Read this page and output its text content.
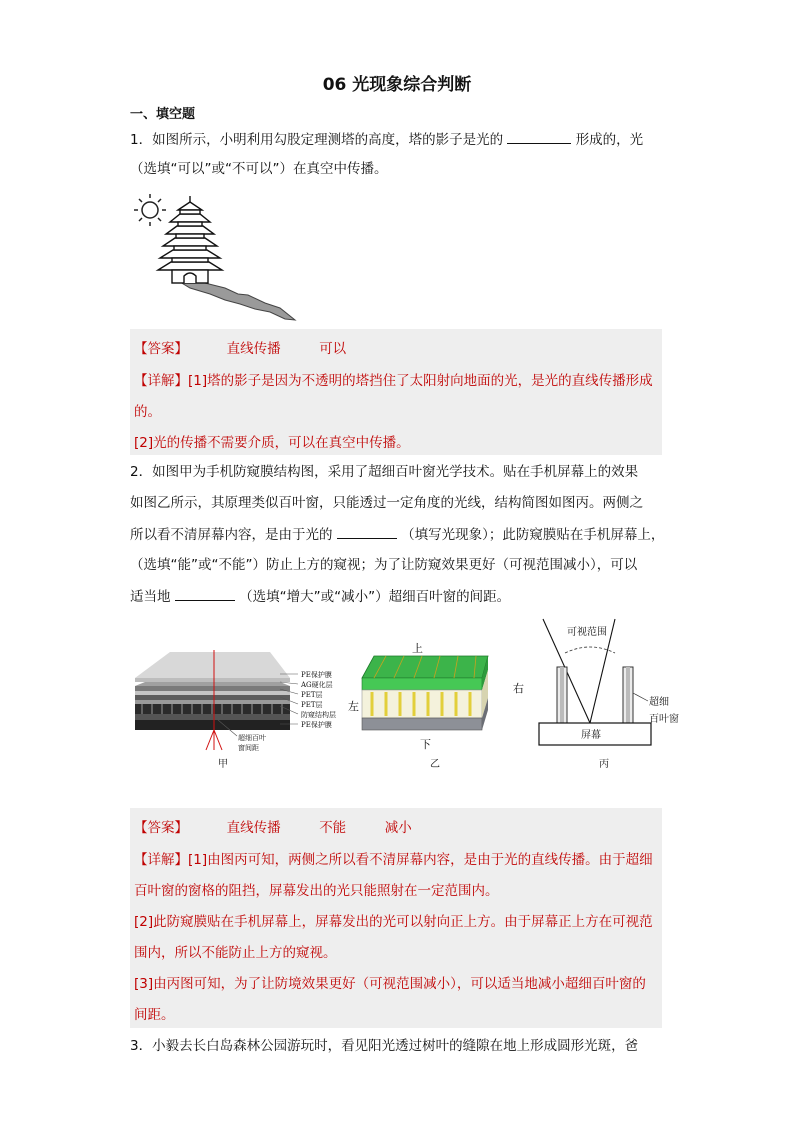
06 光现象综合判断
一、填空题
1．如图所示，小明利用勾股定理测塔的高度，塔的影子是光的	形成的，光
（选填“可以”或“不可以”）在真空中传播。
【答案】	直线传播	可以
【详解】[1]塔的影子是因为不透明的塔挡住了太阳射向地面的光，是光的直线传播形成
的。
[2]光的传播不需要介质，可以在真空中传播。
2．如图甲为手机防窥膜结构图，采用了超细百叶窗光学技术。贴在手机屏幕上的效果
如图乙所示，其原理类似百叶窗，只能透过一定角度的光线，结构简图如图丙。两侧之
所以看不清屏幕内容，是由于光的	（填写光现象）；此防窥膜贴在手机屏幕上，
（选填“能”或“不能”）防止上方的窥视；为了让防窥效果更好（可视范围减小），可以
适当地	（选填“增大”或“减小”）超细百叶窗的间距。
PE保护膜
AG硬化层
PET层
PET层
防窥结构层
PE保护膜
超细百叶
窗间距
甲
上
左
右
下
乙
可视范围
屏幕
超细
百叶窗
丙
【答案】	直线传播	不能	减小
【详解】[1]由图丙可知，两侧之所以看不清屏幕内容，是由于光的直线传播。由于超细
百叶窗的窗格的阻挡，屏幕发出的光只能照射在一定范围内。
[2]此防窥膜贴在手机屏幕上，屏幕发出的光可以射向正上方。由于屏幕正上方在可视范
围内，所以不能防止上方的窥视。
[3]由丙图可知，为了让防境效果更好（可视范围减小），可以适当地减小超细百叶窗的
间距。
3．小毅去长白岛森林公园游玩时，看见阳光透过树叶的缝隙在地上形成圆形光斑，爸
